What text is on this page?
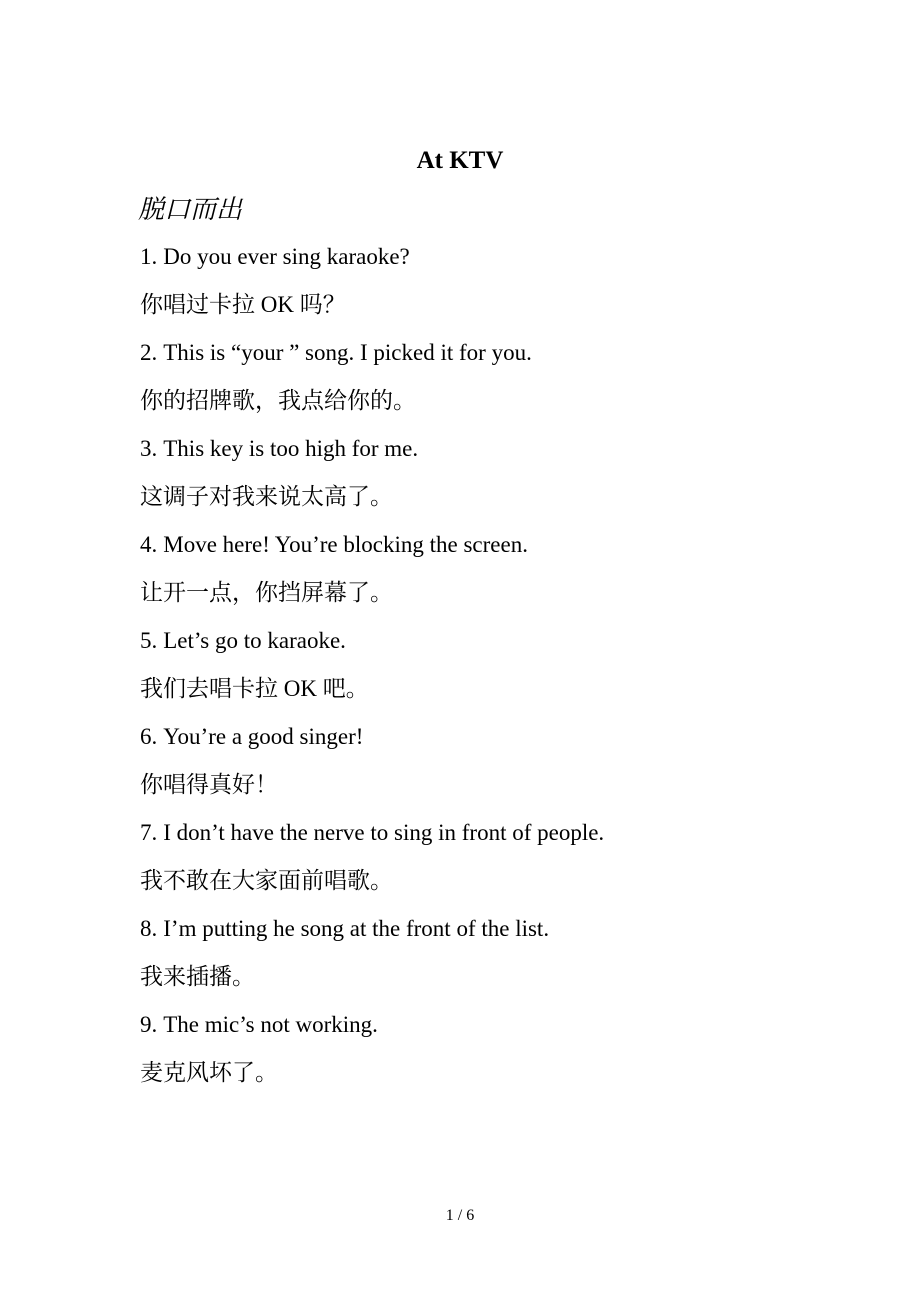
At KTV
脱口而出
1. Do you ever sing karaoke?
你唱过卡拉 OK 吗？
2. This is “your ” song. I picked it for you.
你的招牌歌，我点给你的。
3. This key is too high for me.
这调子对我来说太高了。
4. Move here! You’re blocking the screen.
让开一点，你挡屏幕了。
5. Let’s go to karaoke.
我们去唱卡拉 OK 吧。
6. You’re a good singer!
你唱得真好！
7. I don’t have the nerve to sing in front of people.
我不敢在大家面前唱歌。
8. I’m putting he song at the front of the list.
我来插播。
9. The mic’s not working.
麦克风坏了。
1 / 6
